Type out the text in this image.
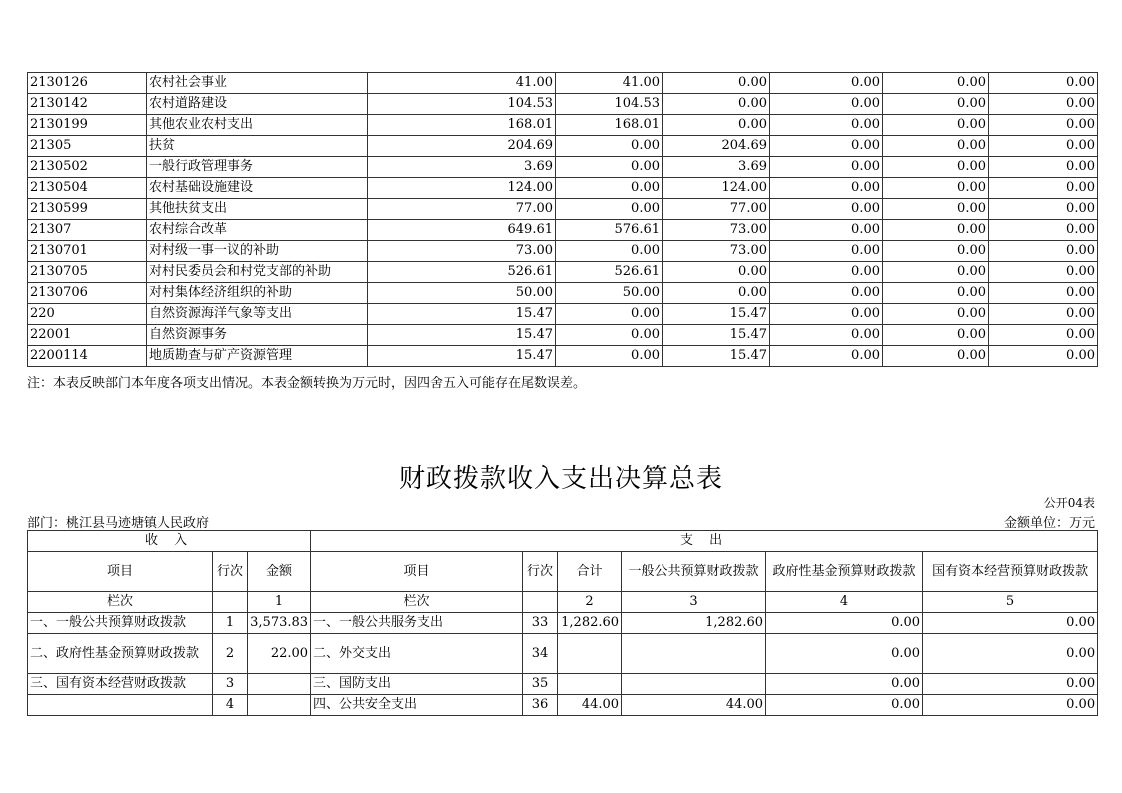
2130126	农村社会事业	41.00	41.00	0.00	0.00	0.00	0.00
2130142	农村道路建设	104.53	104.53	0.00	0.00	0.00	0.00
2130199	其他农业农村支出	168.01	168.01	0.00	0.00	0.00	0.00
21305	扶贫	204.69	0.00	204.69	0.00	0.00	0.00
2130502	一般行政管理事务	3.69	0.00	3.69	0.00	0.00	0.00
2130504	农村基础设施建设	124.00	0.00	124.00	0.00	0.00	0.00
2130599	其他扶贫支出	77.00	0.00	77.00	0.00	0.00	0.00
21307	农村综合改革	649.61	576.61	73.00	0.00	0.00	0.00
2130701	对村级一事一议的补助	73.00	0.00	73.00	0.00	0.00	0.00
2130705	对村民委员会和村党支部的补助	526.61	526.61	0.00	0.00	0.00	0.00
2130706	对村集体经济组织的补助	50.00	50.00	0.00	0.00	0.00	0.00
220	自然资源海洋气象等支出	15.47	0.00	15.47	0.00	0.00	0.00
22001	自然资源事务	15.47	0.00	15.47	0.00	0.00	0.00
2200114	地质勘查与矿产资源管理	15.47	0.00	15.47	0.00	0.00	0.00
注：本表反映部门本年度各项支出情况。本表金额转换为万元时，因四舍五入可能存在尾数误差。
财政拨款收入支出决算总表
公开04表
部门：桃江县马迹塘镇人民政府	金额单位：万元
收 入			支 出					
项目	行次	金额	项目	行次	合计	一般公共预算财政拨款	政府性基金预算财政拨款	国有资本经营预算财政拨款
栏次		1	栏次		2	3	4	5
一、一般公共预算财政拨款	1	3,573.83	一、一般公共服务支出	33	1,282.60	1,282.60	0.00	0.00
二、政府性基金预算财政拨款	2	22.00	二、外交支出	34			0.00	0.00
三、国有资本经营财政拨款	3		三、国防支出	35			0.00	0.00
	4		四、公共安全支出	36	44.00	44.00	0.00	0.00
